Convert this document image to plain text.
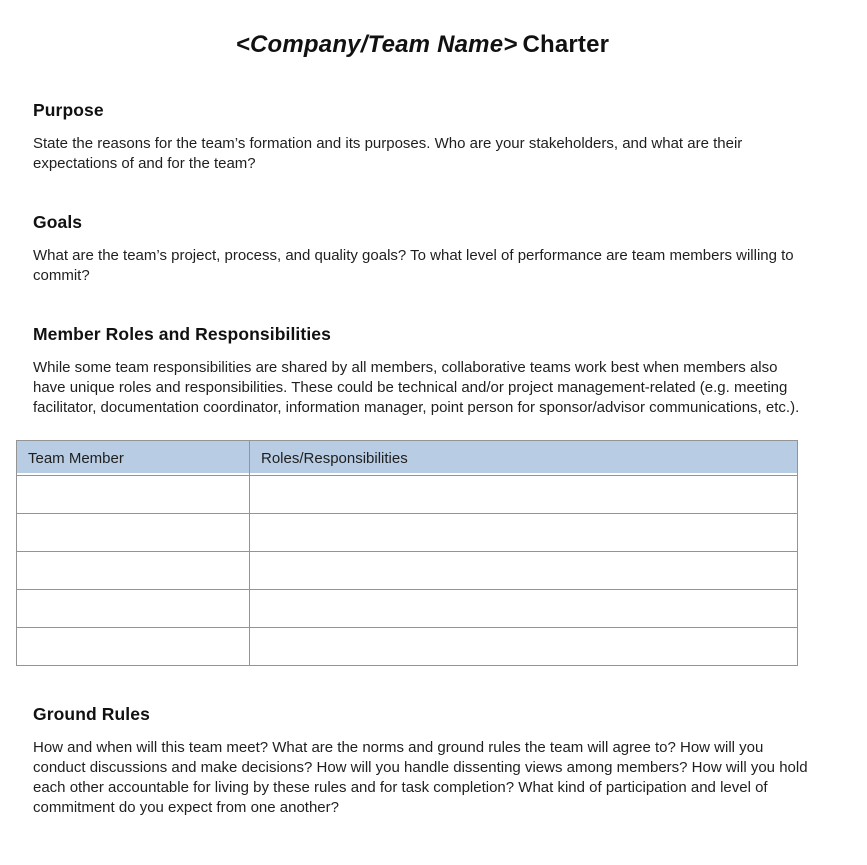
<Company/Team Name> Charter
Purpose

State the reasons for the team’s formation and its purposes. Who are your stakeholders, and what are their expectations of and for the team?

Goals

What are the team’s project, process, and quality goals? To what level of performance are team members willing to commit?

Member Roles and Responsibilities

While some team responsibilities are shared by all members, collaborative teams work best when members also have unique roles and responsibilities. These could be technical and/or project management-related (e.g. meeting facilitator, documentation coordinator, information manager, point person for sponsor/advisor communications, etc.).

Team Member	Roles/Responsibilities

Ground Rules

How and when will this team meet? What are the norms and ground rules the team will agree to? How will you conduct discussions and make decisions? How will you handle dissenting views among members? How will you hold each other accountable for living by these rules and for task completion? What kind of participation and level of commitment do you expect from one another?
